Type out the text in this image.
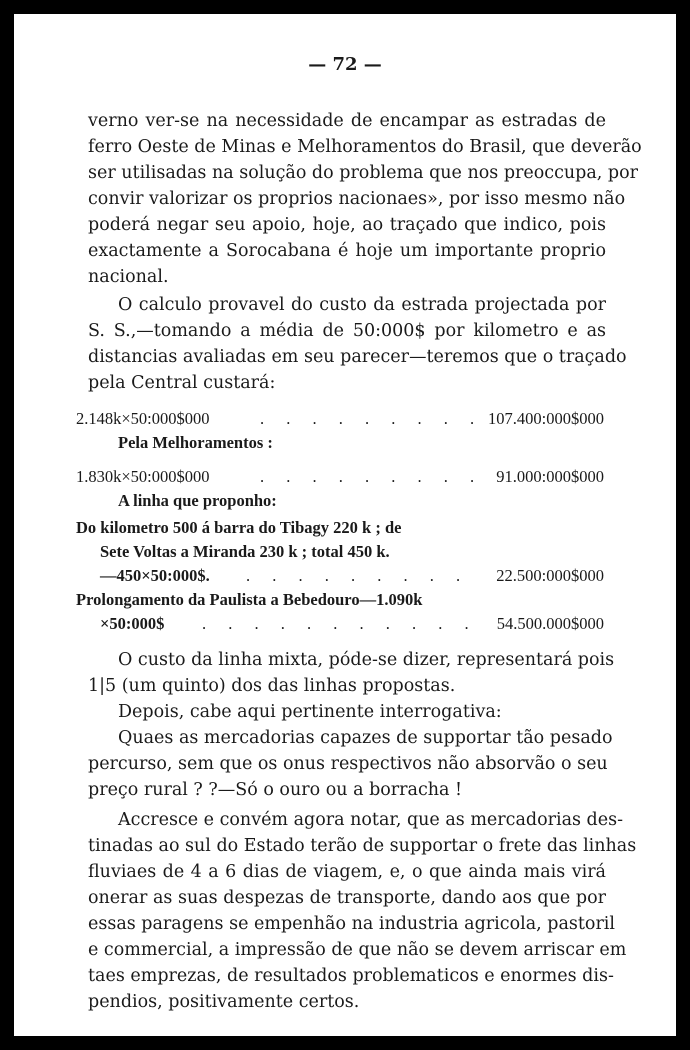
— 72 —
verno ver-se na necessidade de encampar as estradas de
ferro Oeste de Minas e Melhoramentos do Brasil, que deverão
ser utilisadas na solução do problema que nos preoccupa, por
convir valorizar os proprios nacionaes», por isso mesmo não
poderá negar seu apoio, hoje, ao traçado que indico, pois
exactamente a Sorocabana é hoje um importante proprio
nacional.
O calculo provavel do custo da estrada projectada por
S. S.,—tomando a média de 50:000$ por kilometro e as
distancias avaliadas em seu parecer—teremos que o traçado
pela Central custará:
2.148k×50:000$000	. . . . . . . . . 107.400:000$000
Pela Melhoramentos :
1.830k×50:000$000	. . . . . . . . . 91.000:000$000
A linha que proponho:
Do kilometro 500 á barra do Tibagy 220 k ; de
Sete Voltas a Miranda 230 k ; total 450 k.
—450×50:000$. . . . . . . . . . 22.500:000$000
Prolongamento da Paulista a Bebedouro—1.090k
×50:000$ . . . . . . . . . . . 54.500.000$000
O custo da linha mixta, póde-se dizer, representará pois
1|5 (um quinto) dos das linhas propostas.
Depois, cabe aqui pertinente interrogativa:
Quaes as mercadorias capazes de supportar tão pesado
percurso, sem que os onus respectivos não absorvão o seu
preço rural ? ?—Só o ouro ou a borracha !
Accresce e convém agora notar, que as mercadorias des-
tinadas ao sul do Estado terão de supportar o frete das linhas
fluviaes de 4 a 6 dias de viagem, e, o que ainda mais virá
onerar as suas despezas de transporte, dando aos que por
essas paragens se empenhão na industria agricola, pastoril
e commercial, a impressão de que não se devem arriscar em
taes emprezas, de resultados problematicos e enormes dis-
pendios, positivamente certos.
